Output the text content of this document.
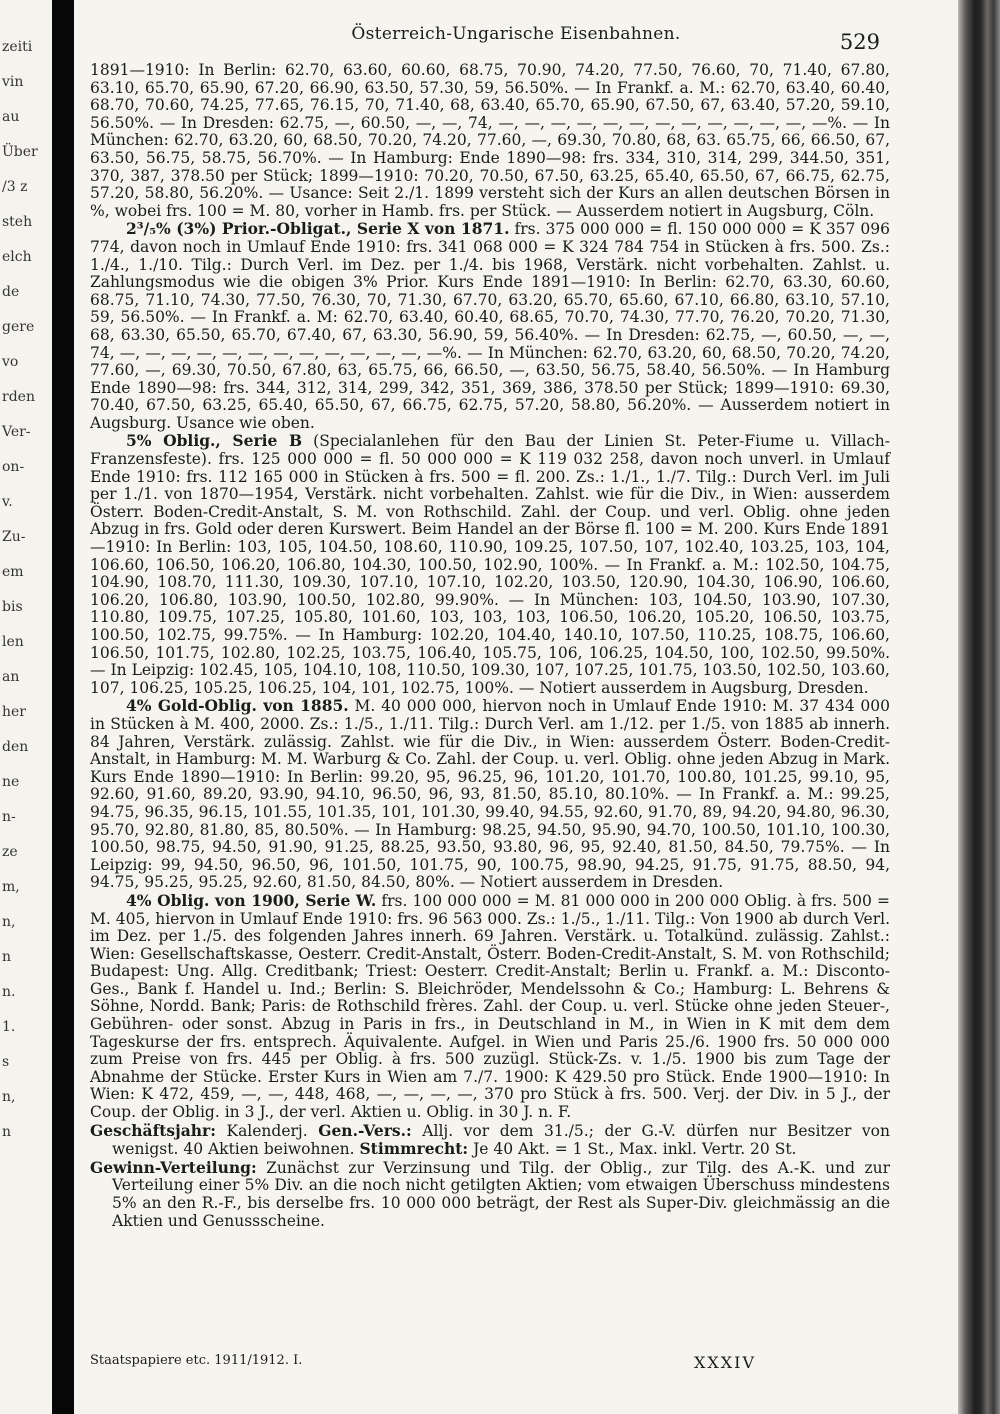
zeiti
vin
au
Über
/3 z
steh
elch
de
gere
vo
rden
Ver-
on-
v.
Zu-
em
bis
len
an
her
den
ne
n-
ze
m,
n,
n
n.
1.
s
n,
n
Österreich-Ungarische Eisenbahnen.	529

1891—1910: In Berlin: 62.70, 63.60, 60.60, 68.75, 70.90, 74.20, 77.50, 76.60, 70, 71.40, 67.80, 63.10, 65.70, 65.90, 67.20, 66.90, 63.50, 57.30, 59, 56.50%. — In Frankf. a. M.: 62.70, 63.40, 60.40, 68.70, 70.60, 74.25, 77.65, 76.15, 70, 71.40, 68, 63.40, 65.70, 65.90, 67.50, 67, 63.40, 57.20, 59.10, 56.50%. — In Dresden: 62.75, —, 60.50, —, —, 74, —, —, —, —, —, —, —, —, —, —, —, —, —%. — In München: 62.70, 63.20, 60, 68.50, 70.20, 74.20, 77.60, —, 69.30, 70.80, 68, 63. 65.75, 66, 66.50, 67, 63.50, 56.75, 58.75, 56.70%. — In Hamburg: Ende 1890—98: frs. 334, 310, 314, 299, 344.50, 351, 370, 387, 378.50 per Stück; 1899—1910: 70.20, 70.50, 67.50, 63.25, 65.40, 65.50, 67, 66.75, 62.75, 57.20, 58.80, 56.20%. — Usance: Seit 2./1. 1899 versteht sich der Kurs an allen deutschen Börsen in %, wobei frs. 100 = M. 80, vorher in Hamb. frs. per Stück. — Ausserdem notiert in Augsburg, Cöln.

2³/₅% (3%) Prior.-Obligat., Serie X von 1871. frs. 375 000 000 = fl. 150 000 000 = K 357 096 774, davon noch in Umlauf Ende 1910: frs. 341 068 000 = K 324 784 754 in Stücken à frs. 500. Zs.: 1./4., 1./10. Tilg.: Durch Verl. im Dez. per 1./4. bis 1968, Verstärk. nicht vorbehalten. Zahlst. u. Zahlungsmodus wie die obigen 3% Prior. Kurs Ende 1891—1910: In Berlin: 62.70, 63.30, 60.60, 68.75, 71.10, 74.30, 77.50, 76.30, 70, 71.30, 67.70, 63.20, 65.70, 65.60, 67.10, 66.80, 63.10, 57.10, 59, 56.50%. — In Frankf. a. M: 62.70, 63.40, 60.40, 68.65, 70.70, 74.30, 77.70, 76.20, 70.20, 71.30, 68, 63.30, 65.50, 65.70, 67.40, 67, 63.30, 56.90, 59, 56.40%. — In Dresden: 62.75, —, 60.50, —, —, 74, —, —, —, —, —, —, —, —, —, —, —, —, —%. — In München: 62.70, 63.20, 60, 68.50, 70.20, 74.20, 77.60, —, 69.30, 70.50, 67.80, 63, 65.75, 66, 66.50, —, 63.50, 56.75, 58.40, 56.50%. — In Hamburg Ende 1890—98: frs. 344, 312, 314, 299, 342, 351, 369, 386, 378.50 per Stück; 1899—1910: 69.30, 70.40, 67.50, 63.25, 65.40, 65.50, 67, 66.75, 62.75, 57.20, 58.80, 56.20%. — Ausserdem notiert in Augsburg. Usance wie oben.

5% Oblig., Serie B (Specialanlehen für den Bau der Linien St. Peter-Fiume u. Villach-Franzensfeste). frs. 125 000 000 = fl. 50 000 000 = K 119 032 258, davon noch unverl. in Umlauf Ende 1910: frs. 112 165 000 in Stücken à frs. 500 = fl. 200. Zs.: 1./1., 1./7. Tilg.: Durch Verl. im Juli per 1./1. von 1870—1954, Verstärk. nicht vorbehalten. Zahlst. wie für die Div., in Wien: ausserdem Österr. Boden-Credit-Anstalt, S. M. von Rothschild. Zahl. der Coup. und verl. Oblig. ohne jeden Abzug in frs. Gold oder deren Kurswert. Beim Handel an der Börse fl. 100 = M. 200. Kurs Ende 1891—1910: In Berlin: 103, 105, 104.50, 108.60, 110.90, 109.25, 107.50, 107, 102.40, 103.25, 103, 104, 106.60, 106.50, 106.20, 106.80, 104.30, 100.50, 102.90, 100%. — In Frankf. a. M.: 102.50, 104.75, 104.90, 108.70, 111.30, 109.30, 107.10, 107.10, 102.20, 103.50, 120.90, 104.30, 106.90, 106.60, 106.20, 106.80, 103.90, 100.50, 102.80, 99.90%. — In München: 103, 104.50, 103.90, 107.30, 110.80, 109.75, 107.25, 105.80, 101.60, 103, 103, 103, 106.50, 106.20, 105.20, 106.50, 103.75, 100.50, 102.75, 99.75%. — In Hamburg: 102.20, 104.40, 140.10, 107.50, 110.25, 108.75, 106.60, 106.50, 101.75, 102.80, 102.25, 103.75, 106.40, 105.75, 106, 106.25, 104.50, 100, 102.50, 99.50%. — In Leipzig: 102.45, 105, 104.10, 108, 110.50, 109.30, 107, 107.25, 101.75, 103.50, 102.50, 103.60, 107, 106.25, 105.25, 106.25, 104, 101, 102.75, 100%. — Notiert ausserdem in Augsburg, Dresden.

4% Gold-Oblig. von 1885. M. 40 000 000, hiervon noch in Umlauf Ende 1910: M. 37 434 000 in Stücken à M. 400, 2000. Zs.: 1./5., 1./11. Tilg.: Durch Verl. am 1./12. per 1./5. von 1885 ab innerh. 84 Jahren, Verstärk. zulässig. Zahlst. wie für die Div., in Wien: ausserdem Österr. Boden-Credit-Anstalt, in Hamburg: M. M. Warburg & Co. Zahl. der Coup. u. verl. Oblig. ohne jeden Abzug in Mark. Kurs Ende 1890—1910: In Berlin: 99.20, 95, 96.25, 96, 101.20, 101.70, 100.80, 101.25, 99.10, 95, 92.60, 91.60, 89.20, 93.90, 94.10, 96.50, 96, 93, 81.50, 85.10, 80.10%. — In Frankf. a. M.: 99.25, 94.75, 96.35, 96.15, 101.55, 101.35, 101, 101.30, 99.40, 94.55, 92.60, 91.70, 89, 94.20, 94.80, 96.30, 95.70, 92.80, 81.80, 85, 80.50%. — In Hamburg: 98.25, 94.50, 95.90, 94.70, 100.50, 101.10, 100.30, 100.50, 98.75, 94.50, 91.90, 91.25, 88.25, 93.50, 93.80, 96, 95, 92.40, 81.50, 84.50, 79.75%. — In Leipzig: 99, 94.50, 96.50, 96, 101.50, 101.75, 90, 100.75, 98.90, 94.25, 91.75, 91.75, 88.50, 94, 94.75, 95.25, 95.25, 92.60, 81.50, 84.50, 80%. — Notiert ausserdem in Dresden.

4% Oblig. von 1900, Serie W. frs. 100 000 000 = M. 81 000 000 in 200 000 Oblig. à frs. 500 = M. 405, hiervon in Umlauf Ende 1910: frs. 96 563 000. Zs.: 1./5., 1./11. Tilg.: Von 1900 ab durch Verl. im Dez. per 1./5. des folgenden Jahres innerh. 69 Jahren. Verstärk. u. Totalkünd. zulässig. Zahlst.: Wien: Gesellschaftskasse, Oesterr. Credit-Anstalt, Österr. Boden-Credit-Anstalt, S. M. von Rothschild; Budapest: Ung. Allg. Creditbank; Triest: Oesterr. Credit-Anstalt; Berlin u. Frankf. a. M.: Disconto-Ges., Bank f. Handel u. Ind.; Berlin: S. Bleichröder, Mendelssohn & Co.; Hamburg: L. Behrens & Söhne, Nordd. Bank; Paris: de Rothschild frères. Zahl. der Coup. u. verl. Stücke ohne jeden Steuer-, Gebühren- oder sonst. Abzug in Paris in frs., in Deutschland in M., in Wien in K mit dem dem Tageskurse der frs. entsprech. Äquivalente. Aufgel. in Wien und Paris 25./6. 1900 frs. 50 000 000 zum Preise von frs. 445 per Oblig. à frs. 500 zuzügl. Stück-Zs. v. 1./5. 1900 bis zum Tage der Abnahme der Stücke. Erster Kurs in Wien am 7./7. 1900: K 429.50 pro Stück. Ende 1900—1910: In Wien: K 472, 459, —, —, 448, 468, —, —, —, —, 370 pro Stück à frs. 500. Verj. der Div. in 5 J., der Coup. der Oblig. in 3 J., der verl. Aktien u. Oblig. in 30 J. n. F.

Geschäftsjahr: Kalenderj. Gen.-Vers.: Allj. vor dem 31./5.; der G.-V. dürfen nur Besitzer von wenigst. 40 Aktien beiwohnen. Stimmrecht: Je 40 Akt. = 1 St., Max. inkl. Vertr. 20 St.

Gewinn-Verteilung: Zunächst zur Verzinsung und Tilg. der Oblig., zur Tilg. des A.-K. und zur Verteilung einer 5% Div. an die noch nicht getilgten Aktien; vom etwaigen Überschuss mindestens 5% an den R.-F., bis derselbe frs. 10 000 000 beträgt, der Rest als Super-Div. gleichmässig an die Aktien und Genussscheine.

Staatspapiere etc. 1911/1912. I.	XXXIV
